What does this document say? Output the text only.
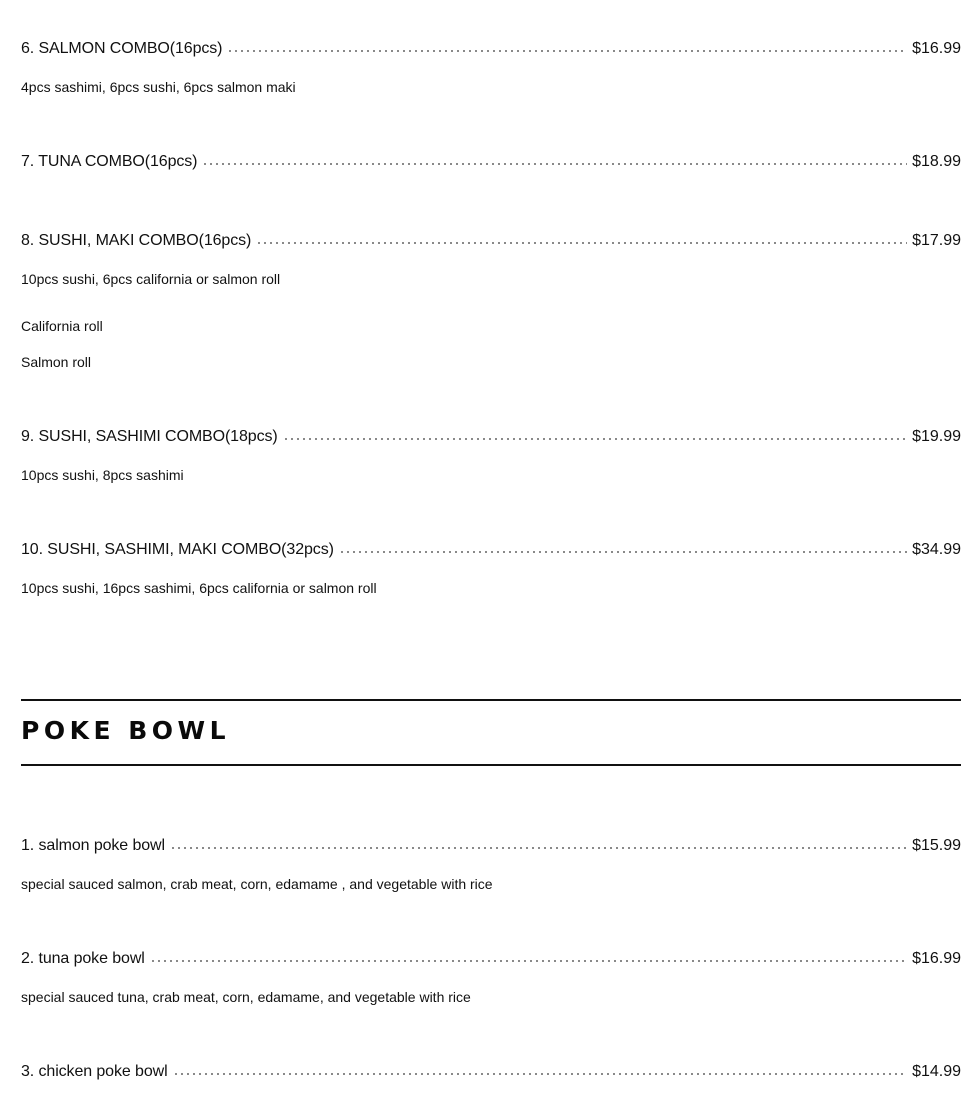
6. SALMON COMBO(16pcs)	$16.99
4pcs sashimi, 6pcs sushi, 6pcs salmon maki
7. TUNA COMBO(16pcs)	$18.99
8. SUSHI, MAKI COMBO(16pcs)	$17.99
10pcs sushi, 6pcs california or salmon roll
California roll
Salmon roll
9. SUSHI, SASHIMI COMBO(18pcs)	$19.99
10pcs sushi, 8pcs sashimi
10. SUSHI, SASHIMI, MAKI COMBO(32pcs)	$34.99
10pcs sushi, 16pcs sashimi, 6pcs california or salmon roll
POKE BOWL
1. salmon poke bowl	$15.99
special sauced salmon, crab meat, corn, edamame , and vegetable with rice
2. tuna poke bowl	$16.99
special sauced tuna, crab meat, corn, edamame, and vegetable with rice
3. chicken poke bowl	$14.99
